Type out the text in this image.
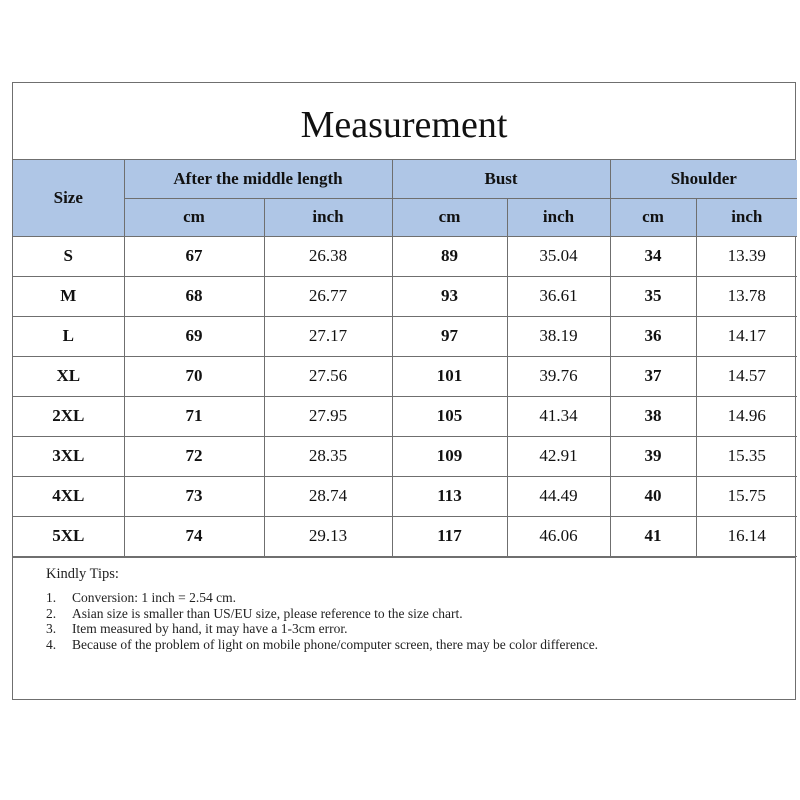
Measurement
Size	After the middle length		Bust		Shoulder	
	cm	inch	cm	inch	cm	inch
S	67	26.38	89	35.04	34	13.39
M	68	26.77	93	36.61	35	13.78
L	69	27.17	97	38.19	36	14.17
XL	70	27.56	101	39.76	37	14.57
2XL	71	27.95	105	41.34	38	14.96
3XL	72	28.35	109	42.91	39	15.35
4XL	73	28.74	113	44.49	40	15.75
5XL	74	29.13	117	46.06	41	16.14
Kindly Tips:
1.	Conversion: 1 inch = 2.54 cm.
2.	Asian size is smaller than US/EU size, please reference to the size chart.
3.	Item measured by hand, it may have a 1-3cm error.
4.	Because of the problem of light on mobile phone/computer screen, there may be color difference.
